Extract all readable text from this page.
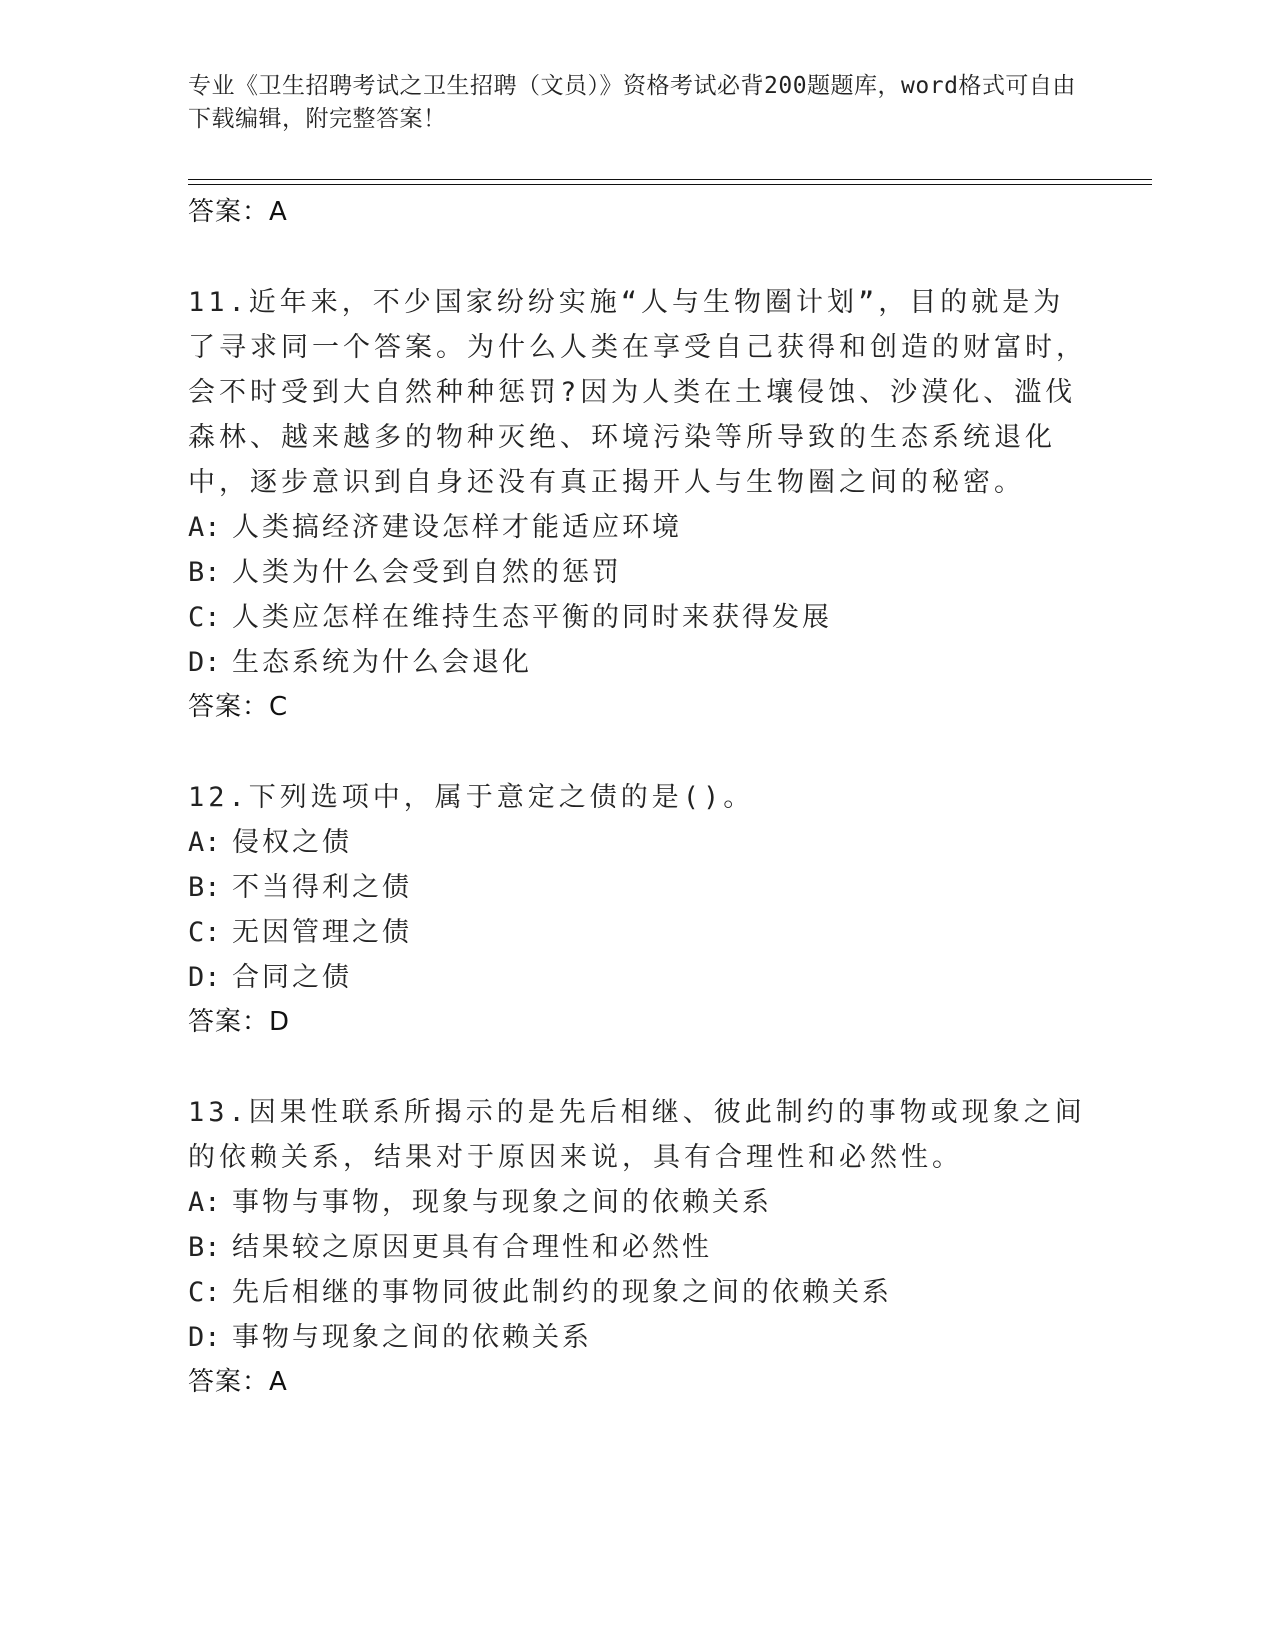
专业《卫生招聘考试之卫生招聘（文员）》资格考试必背200题题库，word格式可自由下载编辑，附完整答案！
答案：A
11.近年来，不少国家纷纷实施“人与生物圈计划”，目的就是为了寻求同一个答案。为什么人类在享受自己获得和创造的财富时，会不时受到大自然种种惩罚?因为人类在土壤侵蚀、沙漠化、滥伐森林、越来越多的物种灭绝、环境污染等所导致的生态系统退化中，逐步意识到自身还没有真正揭开人与生物圈之间的秘密。
A: 人类搞经济建设怎样才能适应环境
B: 人类为什么会受到自然的惩罚
C: 人类应怎样在维持生态平衡的同时来获得发展
D: 生态系统为什么会退化
答案：C
12.下列选项中，属于意定之债的是()。
A: 侵权之债
B: 不当得利之债
C: 无因管理之债
D: 合同之债
答案：D
13.因果性联系所揭示的是先后相继、彼此制约的事物或现象之间的依赖关系，结果对于原因来说，具有合理性和必然性。
A: 事物与事物，现象与现象之间的依赖关系
B: 结果较之原因更具有合理性和必然性
C: 先后相继的事物同彼此制约的现象之间的依赖关系
D: 事物与现象之间的依赖关系
答案：A
